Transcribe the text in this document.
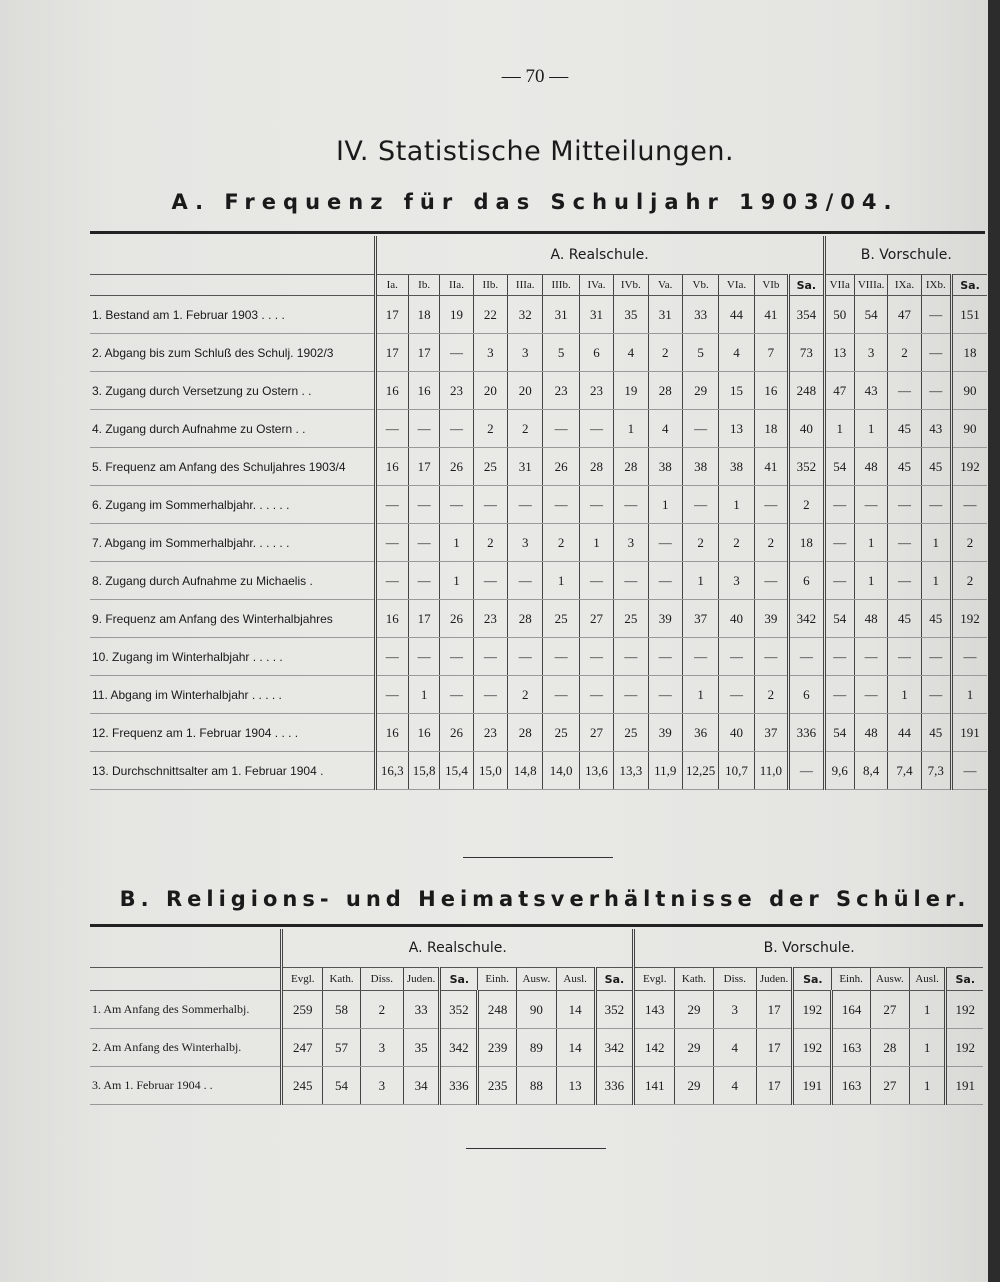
— 70 —
IV. Statistische Mitteilungen.
A. Frequenz für das Schuljahr 1903/04.
	A. Realschule.													B. Vorschule.				
	Ia.	Ib.	IIa.	IIb.	IIIa.	IIIb.	IVa.	IVb.	Va.	Vb.	VIa.	VIb	Sa.	VIIa	VIIIa.	IXa.	IXb.	Sa.
1. Bestand am 1. Februar 1903 . . . .	17	18	19	22	32	31	31	35	31	33	44	41	354	50	54	47	—	151
2. Abgang bis zum Schluß des Schulj. 1902/3	17	17	—	3	3	5	6	4	2	5	4	7	73	13	3	2	—	18
3. Zugang durch Versetzung zu Ostern . .	16	16	23	20	20	23	23	19	28	29	15	16	248	47	43	—	—	90
4. Zugang durch Aufnahme zu Ostern . .	—	—	—	2	2	—	—	1	4	—	13	18	40	1	1	45	43	90
5. Frequenz am Anfang des Schuljahres 1903/4	16	17	26	25	31	26	28	28	38	38	38	41	352	54	48	45	45	192
6. Zugang im Sommerhalbjahr. . . . . .	—	—	—	—	—	—	—	—	1	—	1	—	2	—	—	—	—	—
7. Abgang im Sommerhalbjahr. . . . . .	—	—	1	2	3	2	1	3	—	2	2	2	18	—	1	—	1	2
8. Zugang durch Aufnahme zu Michaelis .	—	—	1	—	—	1	—	—	—	1	3	—	6	—	1	—	1	2
9. Frequenz am Anfang des Winterhalbjahres	16	17	26	23	28	25	27	25	39	37	40	39	342	54	48	45	45	192
10. Zugang im Winterhalbjahr . . . . .	—	—	—	—	—	—	—	—	—	—	—	—	—	—	—	—	—	—
11. Abgang im Winterhalbjahr . . . . .	—	1	—	—	2	—	—	—	—	1	—	2	6	—	—	1	—	1
12. Frequenz am 1. Februar 1904 . . . .	16	16	26	23	28	25	27	25	39	36	40	37	336	54	48	44	45	191
13. Durchschnittsalter am 1. Februar 1904 .	16,3	15,8	15,4	15,0	14,8	14,0	13,6	13,3	11,9	12,25	10,7	11,0	—	9,6	8,4	7,4	7,3	—
B. Religions- und Heimatsverhältnisse der Schüler.
	A. Realschule.									B. Vorschule.								
	Evgl.	Kath.	Diss.	Juden.	Sa.	Einh.	Ausw.	Ausl.	Sa.	Evgl.	Kath.	Diss.	Juden.	Sa.	Einh.	Ausw.	Ausl.	Sa.
1. Am Anfang des Sommerhalbj.	259	58	2	33	352	248	90	14	352	143	29	3	17	192	164	27	1	192
2. Am Anfang des Winterhalbj.	247	57	3	35	342	239	89	14	342	142	29	4	17	192	163	28	1	192
3. Am 1. Februar 1904 . .	245	54	3	34	336	235	88	13	336	141	29	4	17	191	163	27	1	191
